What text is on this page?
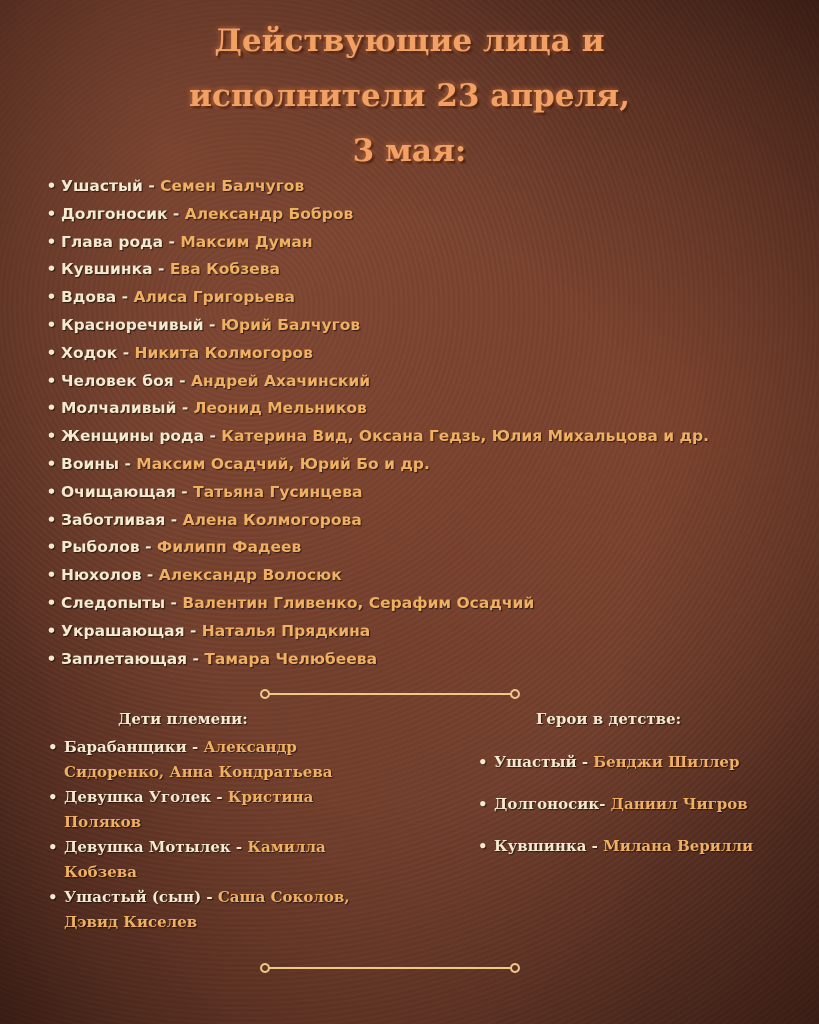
Действующие лица и
исполнители 23 апреля,
3 мая:
• Ушастый - Семен Балчугов
• Долгоносик - Александр Бобров
• Глава рода - Максим Думан
• Кувшинка - Ева Кобзева
• Вдова - Алиса Григорьева
• Красноречивый - Юрий Балчугов
• Ходок - Никита Колмогоров
• Человек боя - Андрей Ахачинский
• Молчаливый - Леонид Мельников
• Женщины рода - Катерина Вид, Оксана Гедзь, Юлия Михальцова и др.
• Воины - Максим Осадчий, Юрий Бо и др.
• Очищающая - Татьяна Гусинцева
• Заботливая - Алена Колмогорова
• Рыболов - Филипп Фадеев
• Нюхолов - Александр Волосюк
• Следопыты - Валентин Гливенко, Серафим Осадчий
• Украшающая - Наталья Прядкина
• Заплетающая - Тамара Челюбеева
Дети племени:
• Барабанщики - Александр Сидоренко, Анна Кондратьева
• Девушка Уголек - Кристина Поляков
• Девушка Мотылек - Камилла Кобзева
• Ушастый (сын) - Саша Соколов, Дэвид Киселев
Герои в детстве:
• Ушастый - Бенджи Шиллер
• Долгоносик- Даниил Чигров
• Кувшинка - Милана Верилли
